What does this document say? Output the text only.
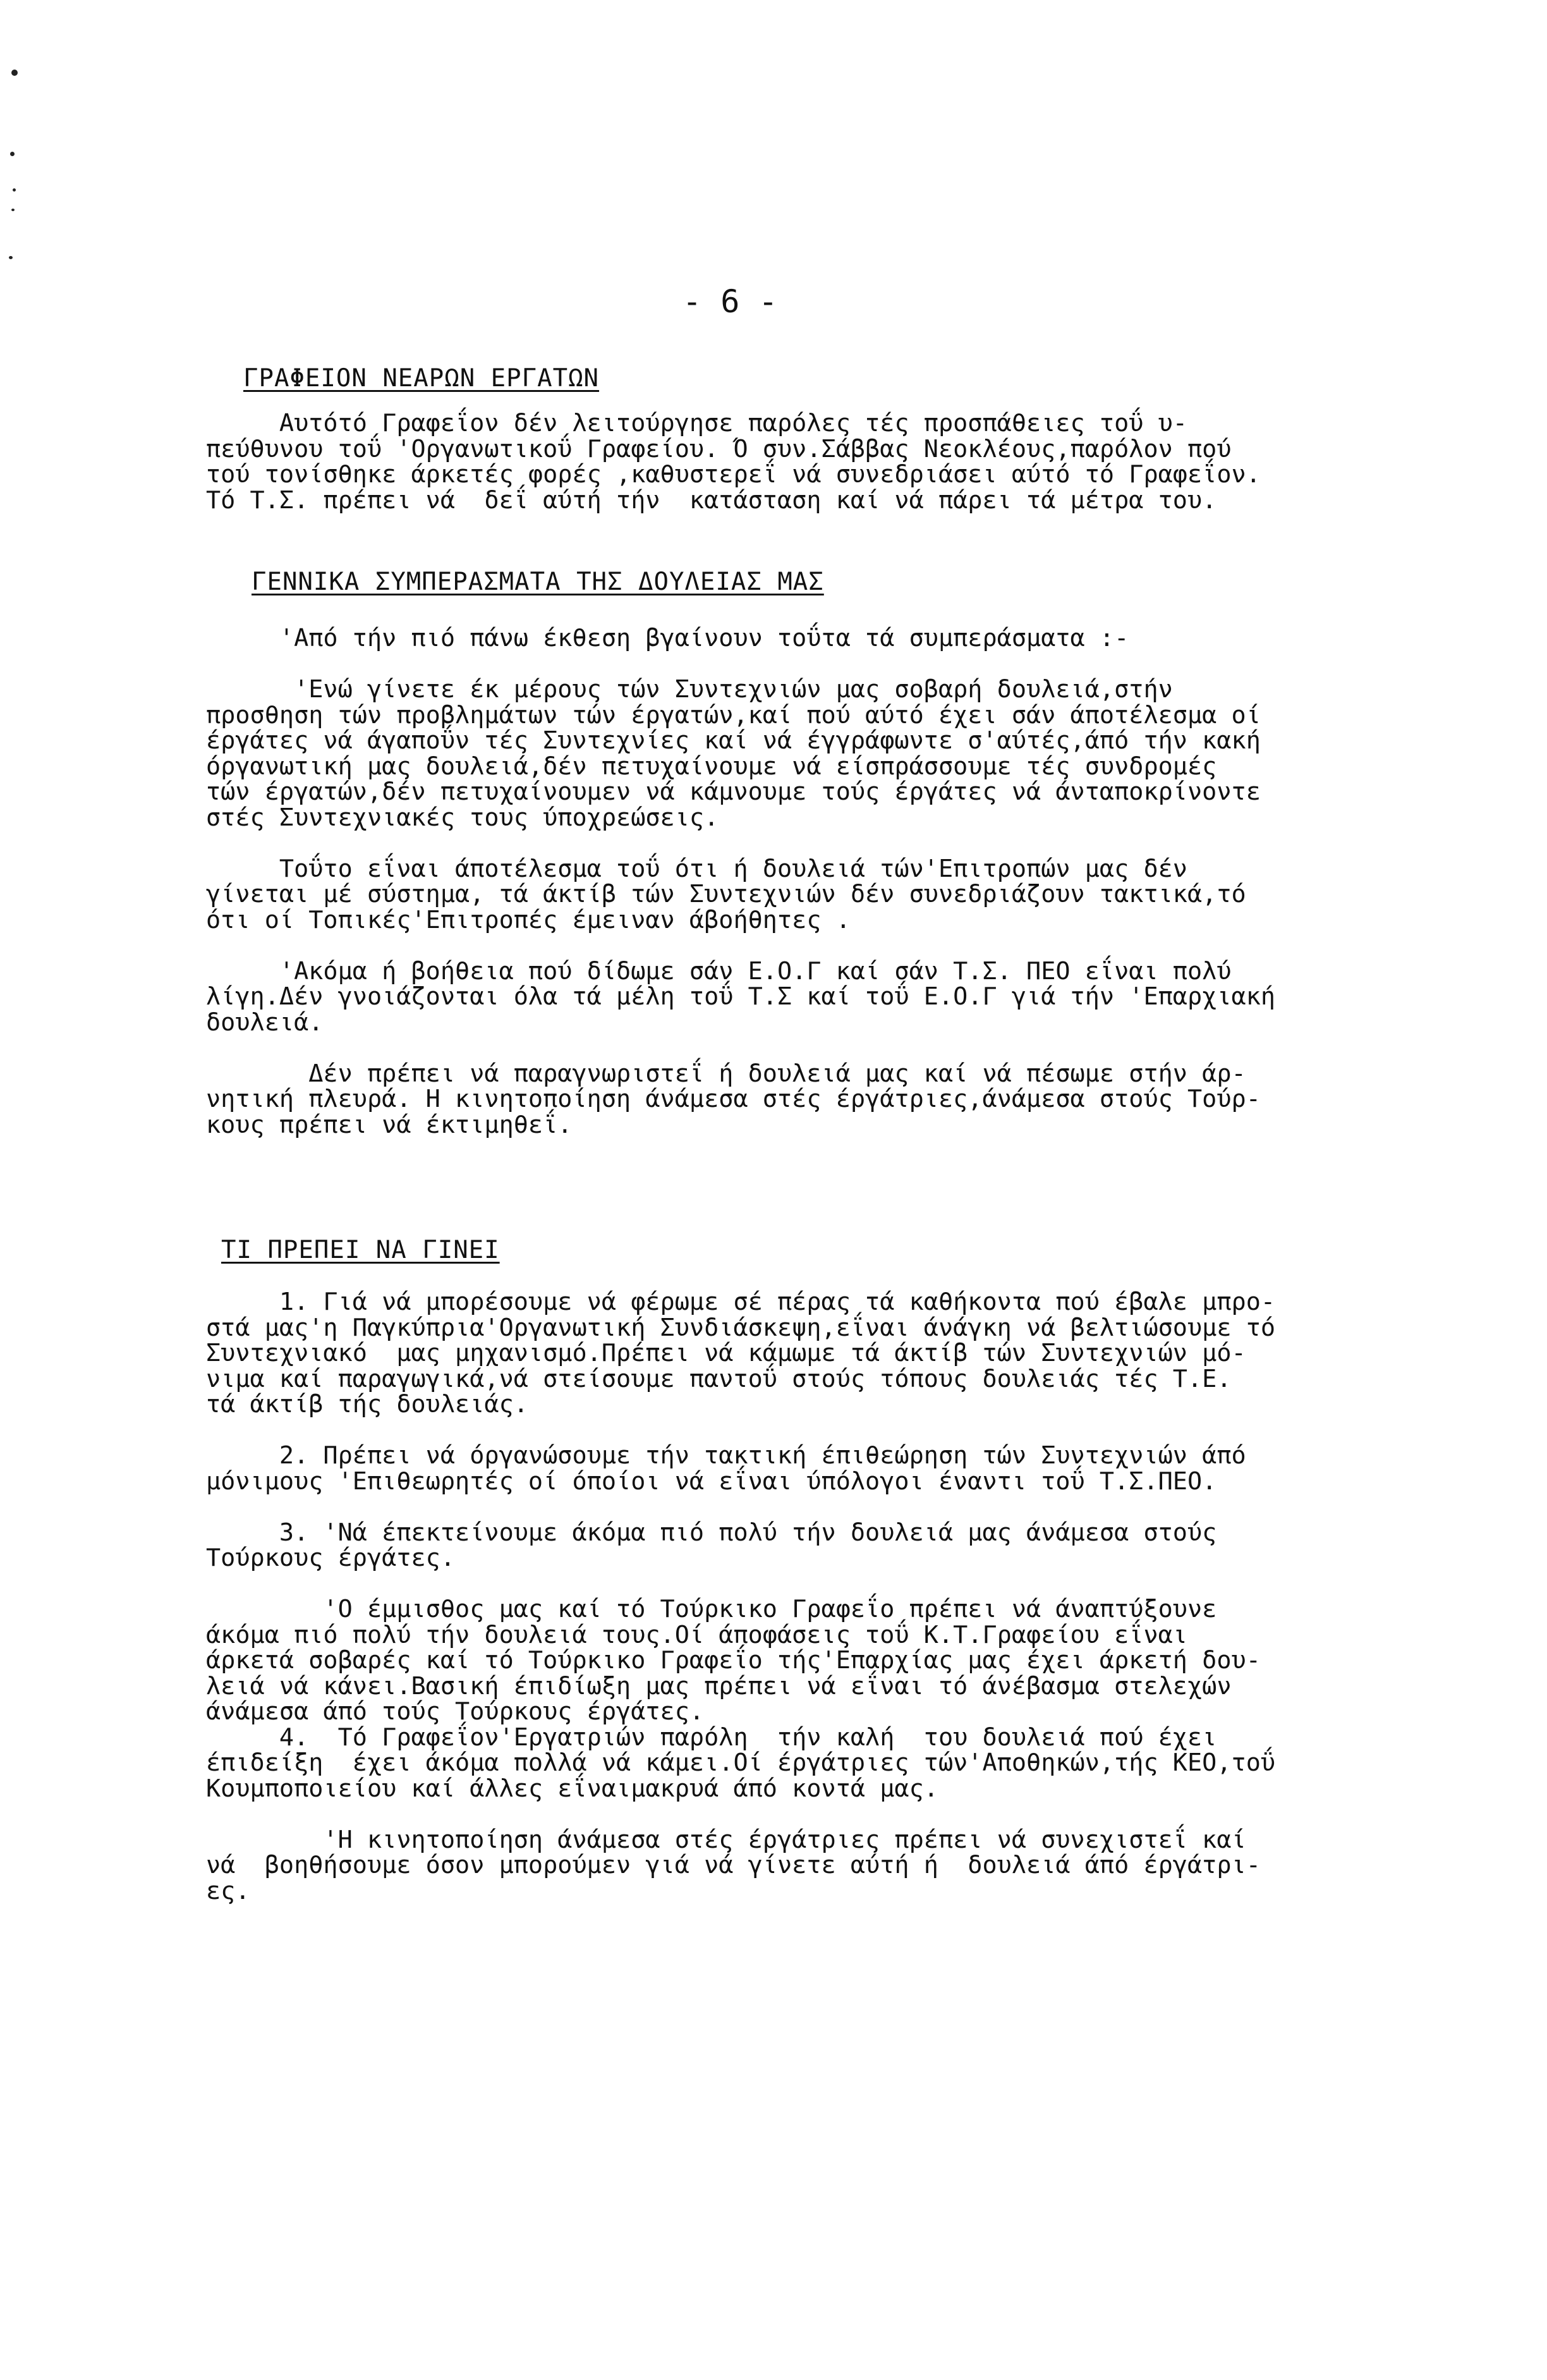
- 6 -
ΓΡΑΦΕΙΟΝ ΝΕΑΡΩΝ ΕΡΓΑΤΩΝ
Αυτότό Γραφεΐον δέν λειτούργησε παρόλες τές προσπάθειες τοΰ υ-
πεύθυνου τοΰ 'Οργανωτικοΰ Γραφείου. Ό συν.Σάββας Νεοκλέους,παρόλον πού
τού τονίσθηκε άρκετές φορές ,καθυστερεΐ νά συνεδριάσει αύτό τό Γραφεΐον.
Τό Τ.Σ. πρέπει νά  δεΐ αύτή τήν  κατάσταση καί νά πάρει τά μέτρα του.
ΓΕΝΝΙΚΑ ΣΥΜΠΕΡΑΣΜΑΤΑ ΤΗΣ ΔΟΥΛΕΙΑΣ ΜΑΣ
'Από τήν πιό πάνω έκθεση βγαίνουν τοΰτα τά συμπεράσματα :-
'Ενώ γίνετε έκ μέρους τών Συντεχνιών μας σοβαρή δουλειά,στήν
προσθηση τών προβλημάτων τών έργατών,καί πού αύτό έχει σάν άποτέλεσμα οί
έργάτες νά άγαποΰν τές Συντεχνίες καί νά έγγράφωντε σ'αύτές,άπό τήν κακή
όργανωτική μας δουλειά,δέν πετυχαίνουμε νά είσπράσσουμε τές συνδρομές
τών έργατών,δέν πετυχαίνουμεν νά κάμνουμε τούς έργάτες νά άνταποκρίνοντε
στές Συντεχνιακές τους ύποχρεώσεις.
Τοΰτο εΐναι άποτέλεσμα τοΰ ότι ή δουλειά τών'Επιτροπών μας δέν
γίνεται μέ σύστημα, τά άκτίβ τών Συντεχνιών δέν συνεδριάζουν τακτικά,τό
ότι οί Τοπικές'Επιτροπές έμειναν άβοήθητες .
'Ακόμα ή βοήθεια πού δίδωμε σάν Ε.Ο.Γ καί σάν Τ.Σ. ΠΕΟ εΐναι πολύ
λίγη.Δέν γνοιάζονται όλα τά μέλη τοΰ Τ.Σ καί τοΰ Ε.Ο.Γ γιά τήν 'Επαρχιακή
δουλειά.
Δέν πρέπει νά παραγνωριστεΐ ή δουλειά μας καί νά πέσωμε στήν άρ-
νητική πλευρά. Η κινητοποίηση άνάμεσα στές έργάτριες,άνάμεσα στούς Τούρ-
κους πρέπει νά έκτιμηθεΐ.
ΤΙ ΠΡΕΠΕΙ ΝΑ ΓΙΝΕΙ
1. Γιά νά μπορέσουμε νά φέρωμε σέ πέρας τά καθήκοντα πού έβαλε μπρο-
στά μας'η Παγκύπρια'Οργανωτική Συνδιάσκεψη,εΐναι άνάγκη νά βελτιώσουμε τό
Συντεχνιακό  μας μηχανισμό.Πρέπει νά κάμωμε τά άκτίβ τών Συντεχνιών μό-
νιμα καί παραγωγικά,νά στείσουμε παντοΰ στούς τόπους δουλειάς τές Τ.Ε.
τά άκτίβ τής δουλειάς.
2. Πρέπει νά όργανώσουμε τήν τακτική έπιθεώρηση τών Συντεχνιών άπό
μόνιμους 'Επιθεωρητές οί όποίοι νά εΐναι ύπόλογοι έναντι τοΰ Τ.Σ.ΠΕΟ.
3. 'Νά έπεκτείνουμε άκόμα πιό πολύ τήν δουλειά μας άνάμεσα στούς
Τούρκους έργάτες.
'Ο έμμισθος μας καί τό Τούρκικο Γραφεΐο πρέπει νά άναπτύξουνε
άκόμα πιό πολύ τήν δουλειά τους.Οί άποφάσεις τοΰ Κ.Τ.Γραφείου εΐναι
άρκετά σοβαρές καί τό Τούρκικο Γραφεΐο τής'Επαρχίας μας έχει άρκετή δου-
λειά νά κάνει.Βασική έπιδίωξη μας πρέπει νά εΐναι τό άνέβασμα στελεχών
άνάμεσα άπό τούς Τούρκους έργάτες.
4.  Τό Γραφεΐον'Εργατριών παρόλη  τήν καλή  του δουλειά πού έχει
έπιδείξη  έχει άκόμα πολλά νά κάμει.Οί έργάτριες τών'Αποθηκών,τής ΚΕΟ,τοΰ
Κουμποποιείου καί άλλες εΐναιμακρυά άπό κοντά μας.
'Η κινητοποίηση άνάμεσα στές έργάτριες πρέπει νά συνεχιστεΐ καί
νά  βοηθήσουμε όσον μπορούμεν γιά νά γίνετε αύτή ή  δουλειά άπό έργάτρι-
ες.
